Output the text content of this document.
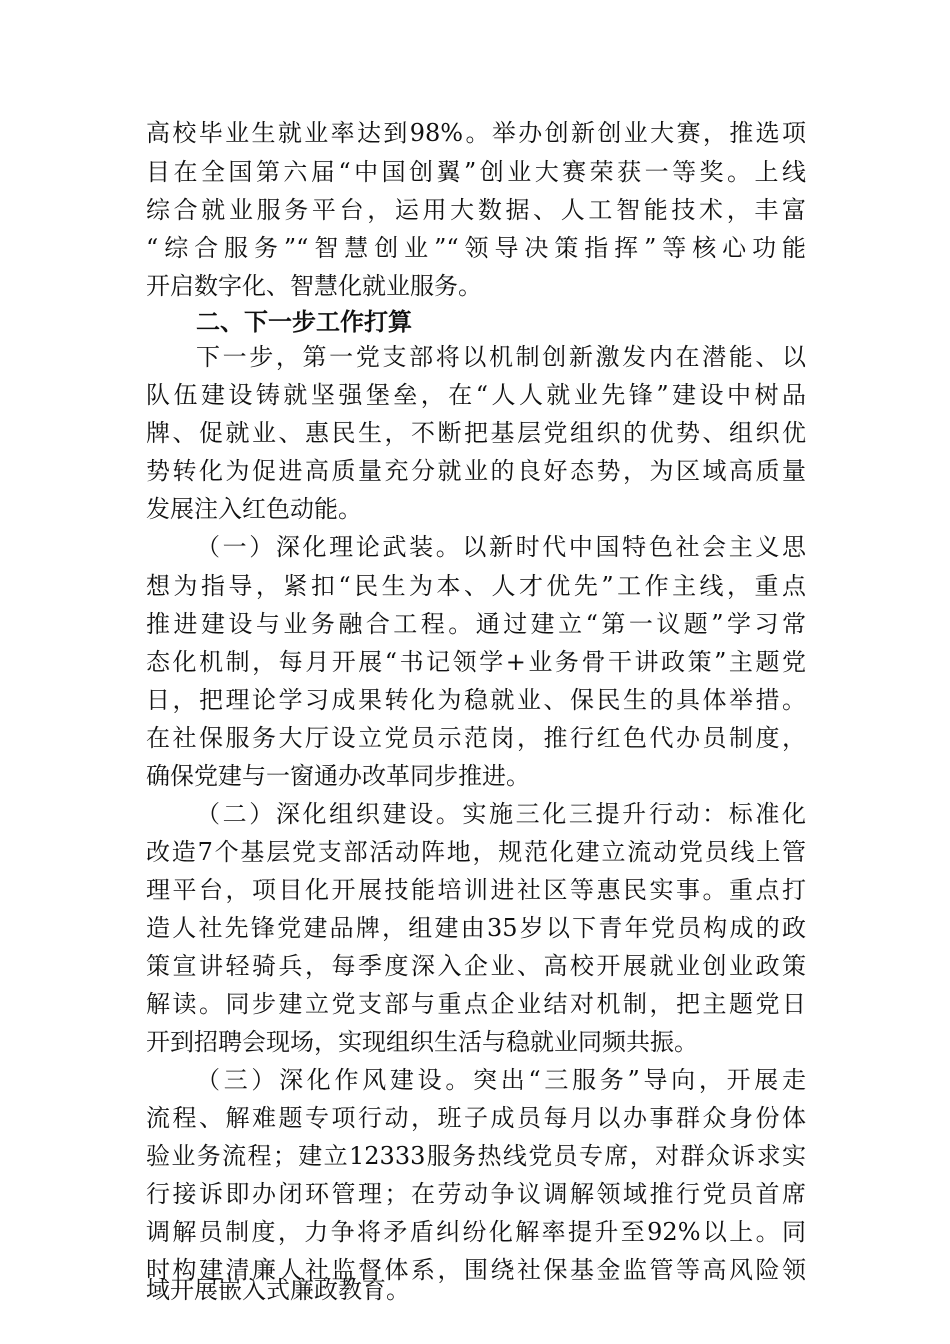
高校毕业生就业率达到98%。举办创新创业大赛，推选项
目在全国第六届“中国创翼”创业大赛荣获一等奖。上线
综合就业服务平台，运用大数据、人工智能技术，丰富
“综合服务”“智慧创业”“领导决策指挥”等核心功能
开启数字化、智慧化就业服务。
二、下一步工作打算
下一步，第一党支部将以机制创新激发内在潜能、以
队伍建设铸就坚强堡垒，在“人人就业先锋”建设中树品
牌、促就业、惠民生，不断把基层党组织的优势、组织优
势转化为促进高质量充分就业的良好态势，为区域高质量
发展注入红色动能。
（一）深化理论武装。以新时代中国特色社会主义思
想为指导，紧扣“民生为本、人才优先”工作主线，重点
推进建设与业务融合工程。通过建立“第一议题”学习常
态化机制，每月开展“书记领学+业务骨干讲政策”主题党
日，把理论学习成果转化为稳就业、保民生的具体举措。
在社保服务大厅设立党员示范岗，推行红色代办员制度，
确保党建与一窗通办改革同步推进。
（二）深化组织建设。实施三化三提升行动：标准化
改造7个基层党支部活动阵地，规范化建立流动党员线上管
理平台，项目化开展技能培训进社区等惠民实事。重点打
造人社先锋党建品牌，组建由35岁以下青年党员构成的政
策宣讲轻骑兵，每季度深入企业、高校开展就业创业政策
解读。同步建立党支部与重点企业结对机制，把主题党日
开到招聘会现场，实现组织生活与稳就业同频共振。
（三）深化作风建设。突出“三服务”导向，开展走
流程、解难题专项行动，班子成员每月以办事群众身份体
验业务流程；建立12333服务热线党员专席，对群众诉求实
行接诉即办闭环管理；在劳动争议调解领域推行党员首席
调解员制度，力争将矛盾纠纷化解率提升至92%以上。同
时构建清廉人社监督体系，围绕社保基金监管等高风险领
域开展嵌入式廉政教育。
